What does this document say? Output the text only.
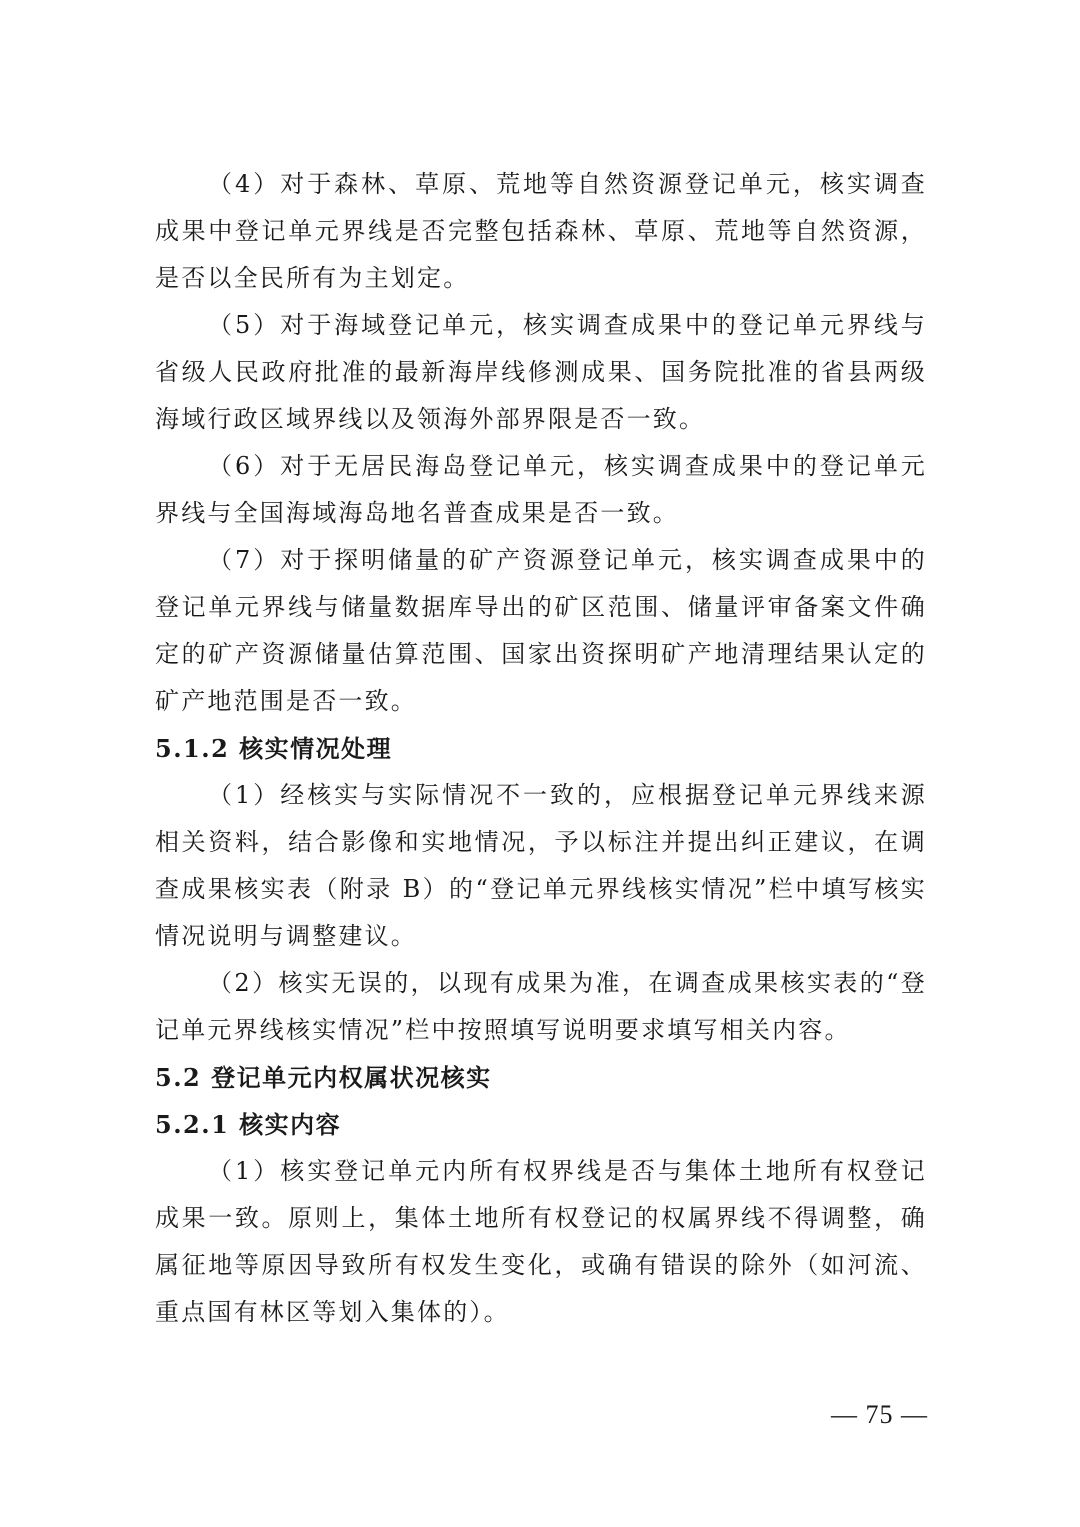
（4）对于森林、草原、荒地等自然资源登记单元，核实调查成果中登记单元界线是否完整包括森林、草原、荒地等自然资源，是否以全民所有为主划定。

（5）对于海域登记单元，核实调查成果中的登记单元界线与省级人民政府批准的最新海岸线修测成果、国务院批准的省县两级海域行政区域界线以及领海外部界限是否一致。

（6）对于无居民海岛登记单元，核实调查成果中的登记单元界线与全国海域海岛地名普查成果是否一致。

（7）对于探明储量的矿产资源登记单元，核实调查成果中的登记单元界线与储量数据库导出的矿区范围、储量评审备案文件确定的矿产资源储量估算范围、国家出资探明矿产地清理结果认定的矿产地范围是否一致。

5.1.2 核实情况处理

（1）经核实与实际情况不一致的，应根据登记单元界线来源相关资料，结合影像和实地情况，予以标注并提出纠正建议，在调查成果核实表（附录 B）的“登记单元界线核实情况”栏中填写核实情况说明与调整建议。

（2）核实无误的，以现有成果为准，在调查成果核实表的“登记单元界线核实情况”栏中按照填写说明要求填写相关内容。

5.2 登记单元内权属状况核实

5.2.1 核实内容

（1）核实登记单元内所有权界线是否与集体土地所有权登记成果一致。原则上，集体土地所有权登记的权属界线不得调整，确属征地等原因导致所有权发生变化，或确有错误的除外（如河流、重点国有林区等划入集体的）。

— 75 —
